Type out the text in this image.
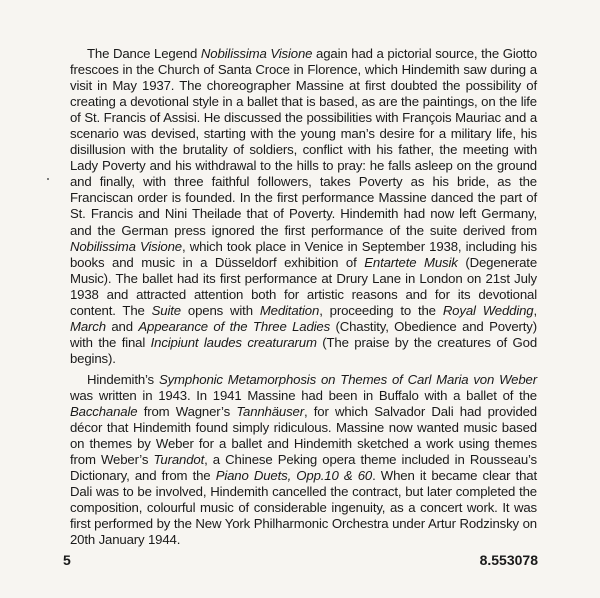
The Dance Legend Nobilissima Visione again had a pictorial source, the Giotto frescoes in the Church of Santa Croce in Florence, which Hindemith saw during a visit in May 1937. The choreographer Massine at first doubted the possibility of creating a devotional style in a ballet that is based, as are the paintings, on the life of St. Francis of Assisi. He discussed the possibilities with François Mauriac and a scenario was devised, starting with the young man’s desire for a military life, his disillusion with the brutality of soldiers, conflict with his father, the meeting with Lady Poverty and his withdrawal to the hills to pray: he falls asleep on the ground and finally, with three faithful followers, takes Poverty as his bride, as the Franciscan order is founded. In the first performance Massine danced the part of St. Francis and Nini Theilade that of Poverty. Hindemith had now left Germany, and the German press ignored the first performance of the suite derived from Nobilissima Visione, which took place in Venice in September 1938, including his books and music in a Düsseldorf exhibition of Entartete Musik (Degenerate Music). The ballet had its first performance at Drury Lane in London on 21st July 1938 and attracted attention both for artistic reasons and for its devotional content. The Suite opens with Meditation, proceeding to the Royal Wedding, March and Appearance of the Three Ladies (Chastity, Obedience and Poverty) with the final Incipiunt laudes creaturarum (The praise by the creatures of God begins).

Hindemith’s Symphonic Metamorphosis on Themes of Carl Maria von Weber was written in 1943. In 1941 Massine had been in Buffalo with a ballet of the Bacchanale from Wagner’s Tannhäuser, for which Salvador Dali had provided décor that Hindemith found simply ridiculous. Massine now wanted music based on themes by Weber for a ballet and Hindemith sketched a work using themes from Weber’s Turandot, a Chinese Peking opera theme included in Rousseau’s Dictionary, and from the Piano Duets, Opp.10 & 60. When it became clear that Dali was to be involved, Hindemith cancelled the contract, but later completed the composition, colourful music of considerable ingenuity, as a concert work. It was first performed by the New York Philharmonic Orchestra under Artur Rodzinsky on 20th January 1944.

5	8.553078
